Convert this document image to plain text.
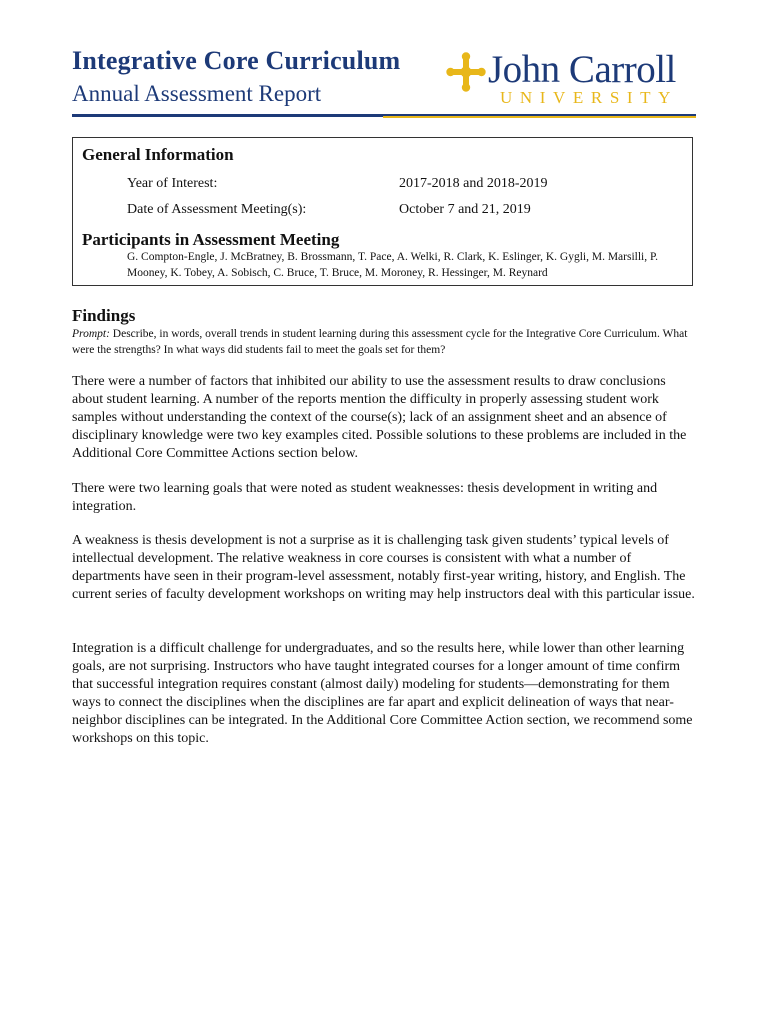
Integrative Core Curriculum
Annual Assessment Report
John Carroll
UNIVERSITY
General Information
Year of Interest:	2017-2018 and 2018-2019
Date of Assessment Meeting(s):	October 7 and 21, 2019
Participants in Assessment Meeting
G. Compton-Engle, J. McBratney, B. Brossmann, T. Pace, A. Welki, R. Clark, K. Eslinger, K. Gygli, M. Marsilli, P. Mooney, K. Tobey, A. Sobisch, C. Bruce, T. Bruce, M. Moroney, R. Hessinger, M. Reynard
Findings
Prompt: Describe, in words, overall trends in student learning during this assessment cycle for the Integrative Core Curriculum. What were the strengths? In what ways did students fail to meet the goals set for them?
There were a number of factors that inhibited our ability to use the assessment results to draw conclusions about student learning. A number of the reports mention the difficulty in properly assessing student work samples without understanding the context of the course(s); lack of an assignment sheet and an absence of disciplinary knowledge were two key examples cited. Possible solutions to these problems are included in the Additional Core Committee Actions section below.
There were two learning goals that were noted as student weaknesses: thesis development in writing and integration.
A weakness is thesis development is not a surprise as it is challenging task given students’ typical levels of intellectual development. The relative weakness in core courses is consistent with what a number of departments have seen in their program-level assessment, notably first-year writing, history, and English. The current series of faculty development workshops on writing may help instructors deal with this particular issue.
Integration is a difficult challenge for undergraduates, and so the results here, while lower than other learning goals, are not surprising. Instructors who have taught integrated courses for a longer amount of time confirm that successful integration requires constant (almost daily) modeling for students—demonstrating for them ways to connect the disciplines when the disciplines are far apart and explicit delineation of ways that near-neighbor disciplines can be integrated. In the Additional Core Committee Action section, we recommend some workshops on this topic.
